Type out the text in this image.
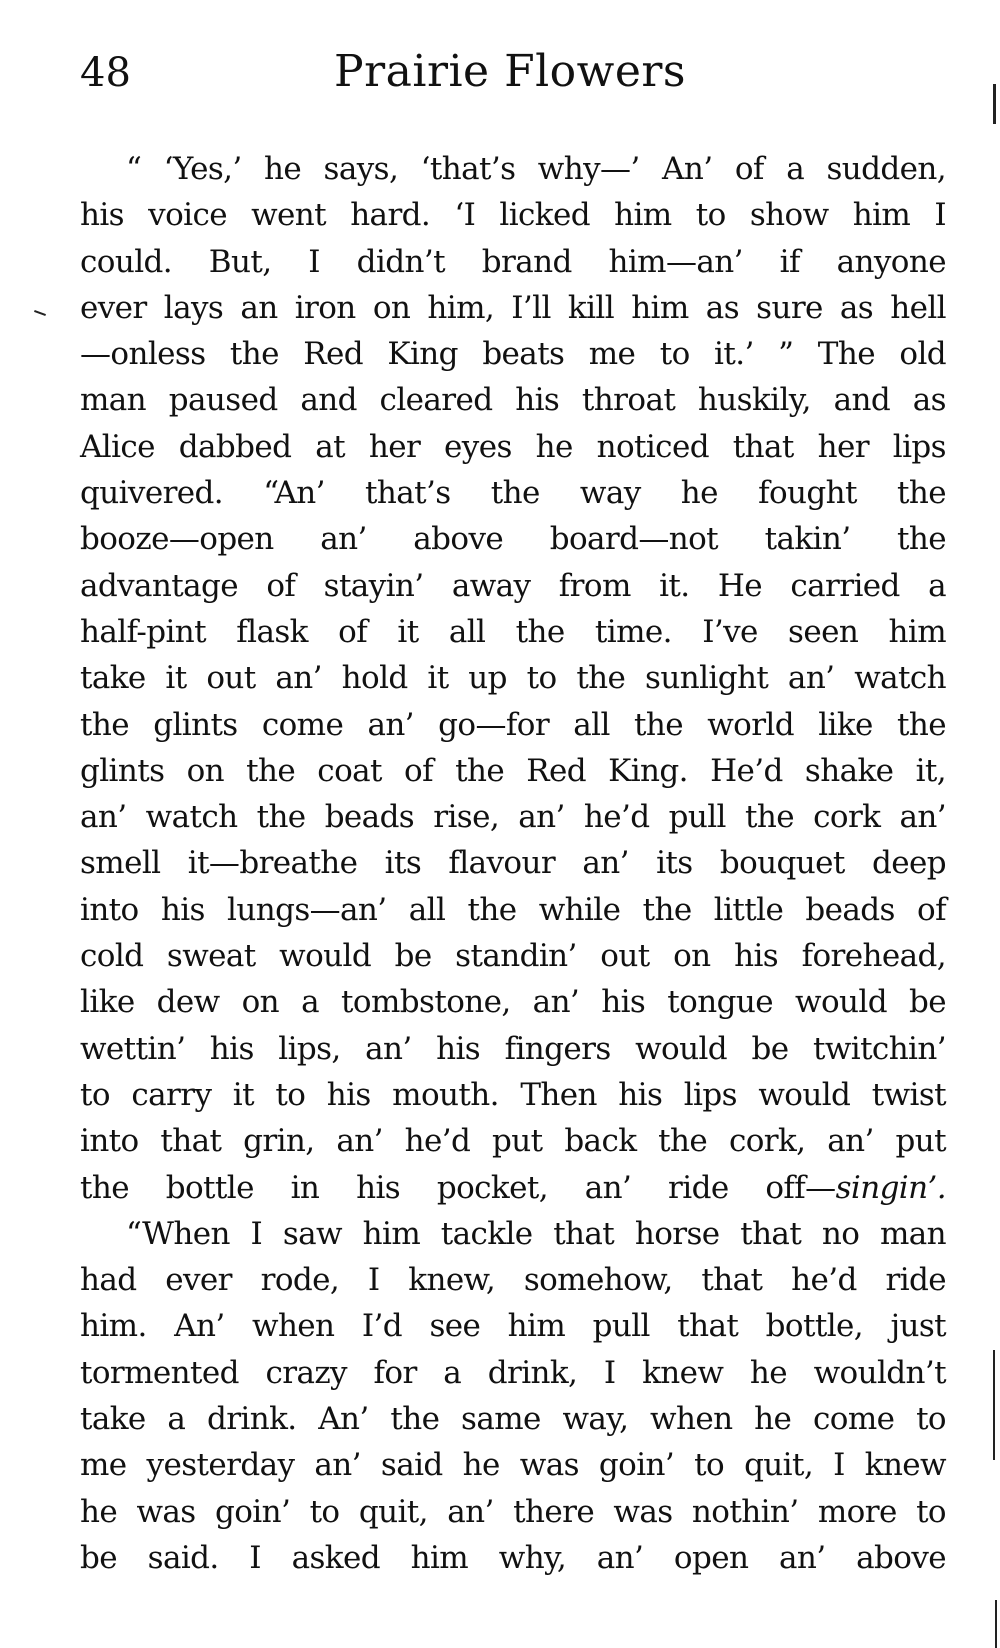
48	Prairie Flowers
“ ‘Yes,’ he says, ‘that’s why—’ An’ of a sudden,
his voice went hard. ‘I licked him to show him I
could. But, I didn’t brand him—an’ if anyone
ever lays an iron on him, I’ll kill him as sure as hell
—onless the Red King beats me to it.’ ” The old
man paused and cleared his throat huskily, and as
Alice dabbed at her eyes he noticed that her lips
quivered. “An’ that’s the way he fought the
booze—open an’ above board—not takin’ the
advantage of stayin’ away from it. He carried a
half-pint flask of it all the time. I’ve seen him
take it out an’ hold it up to the sunlight an’ watch
the glints come an’ go—for all the world like the
glints on the coat of the Red King. He’d shake it,
an’ watch the beads rise, an’ he’d pull the cork an’
smell it—breathe its flavour an’ its bouquet deep
into his lungs—an’ all the while the little beads of
cold sweat would be standin’ out on his forehead,
like dew on a tombstone, an’ his tongue would be
wettin’ his lips, an’ his fingers would be twitchin’
to carry it to his mouth. Then his lips would twist
into that grin, an’ he’d put back the cork, an’ put
the bottle in his pocket, an’ ride off—singin’.
“When I saw him tackle that horse that no man
had ever rode, I knew, somehow, that he’d ride
him. An’ when I’d see him pull that bottle, just
tormented crazy for a drink, I knew he wouldn’t
take a drink. An’ the same way, when he come to
me yesterday an’ said he was goin’ to quit, I knew
he was goin’ to quit, an’ there was nothin’ more to
be said. I asked him why, an’ open an’ above
